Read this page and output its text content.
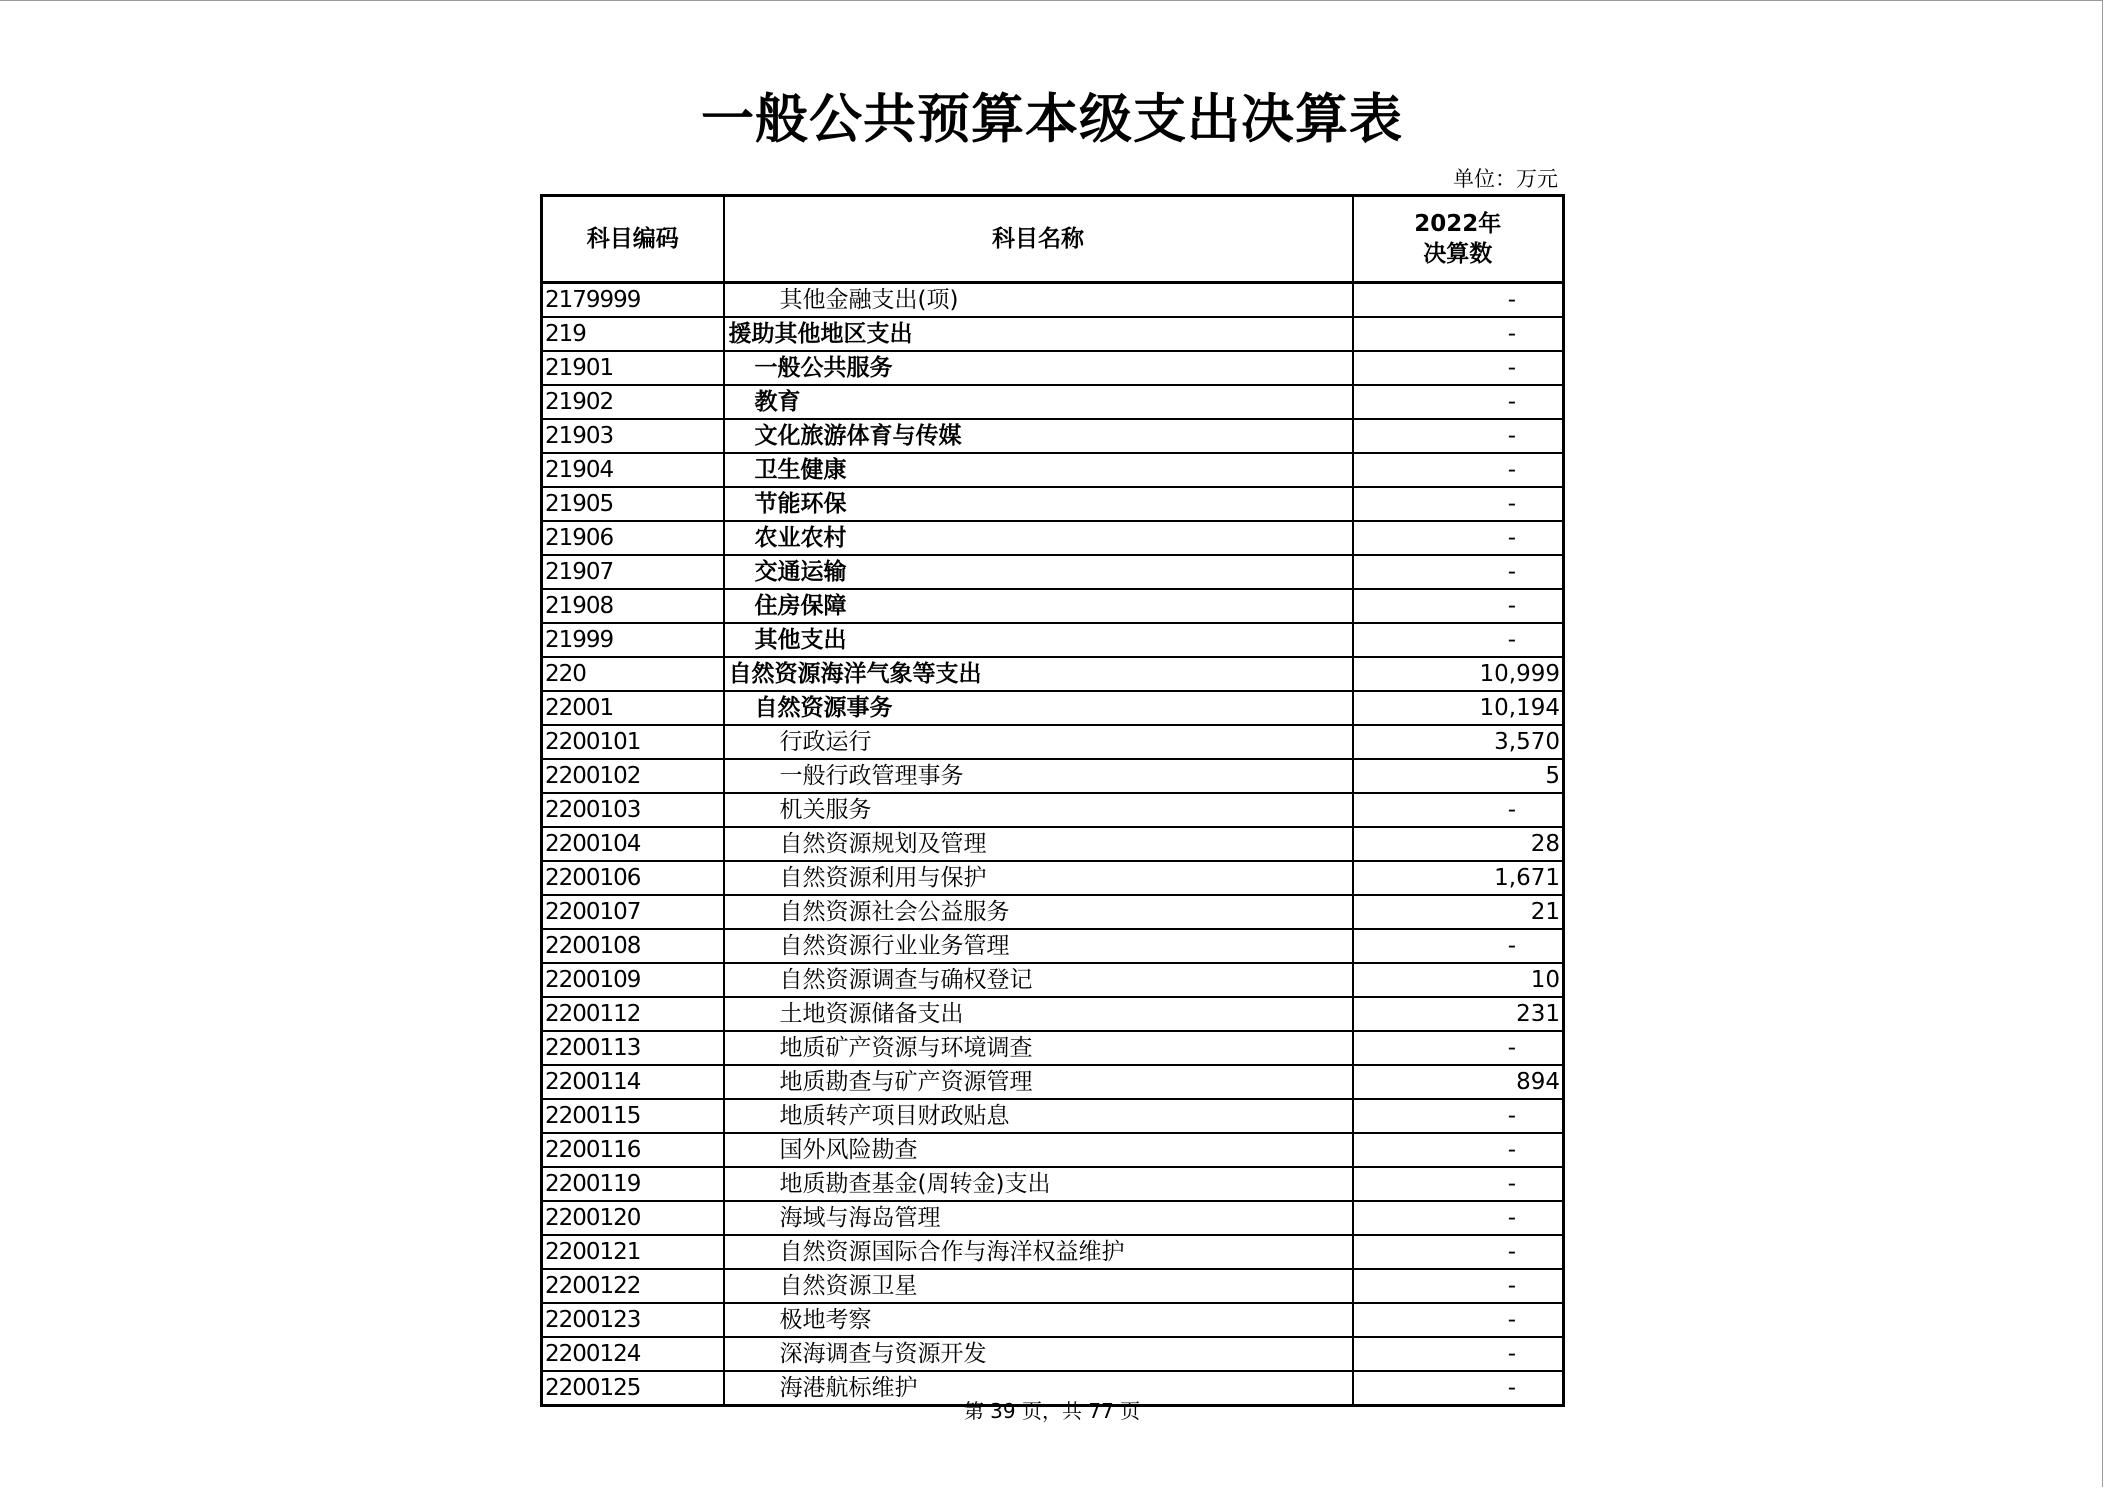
一般公共预算本级支出决算表
单位：万元
科目编码	科目名称	2022年
决算数
2179999	其他金融支出(项)	-
219	援助其他地区支出	-
21901	一般公共服务	-
21902	教育	-
21903	文化旅游体育与传媒	-
21904	卫生健康	-
21905	节能环保	-
21906	农业农村	-
21907	交通运输	-
21908	住房保障	-
21999	其他支出	-
220	自然资源海洋气象等支出	10,999
22001	自然资源事务	10,194
2200101	行政运行	3,570
2200102	一般行政管理事务	5
2200103	机关服务	-
2200104	自然资源规划及管理	28
2200106	自然资源利用与保护	1,671
2200107	自然资源社会公益服务	21
2200108	自然资源行业业务管理	-
2200109	自然资源调查与确权登记	10
2200112	土地资源储备支出	231
2200113	地质矿产资源与环境调查	-
2200114	地质勘查与矿产资源管理	894
2200115	地质转产项目财政贴息	-
2200116	国外风险勘查	-
2200119	地质勘查基金(周转金)支出	-
2200120	海域与海岛管理	-
2200121	自然资源国际合作与海洋权益维护	-
2200122	自然资源卫星	-
2200123	极地考察	-
2200124	深海调查与资源开发	-
2200125	海港航标维护	-
第 39 页，共 77 页
